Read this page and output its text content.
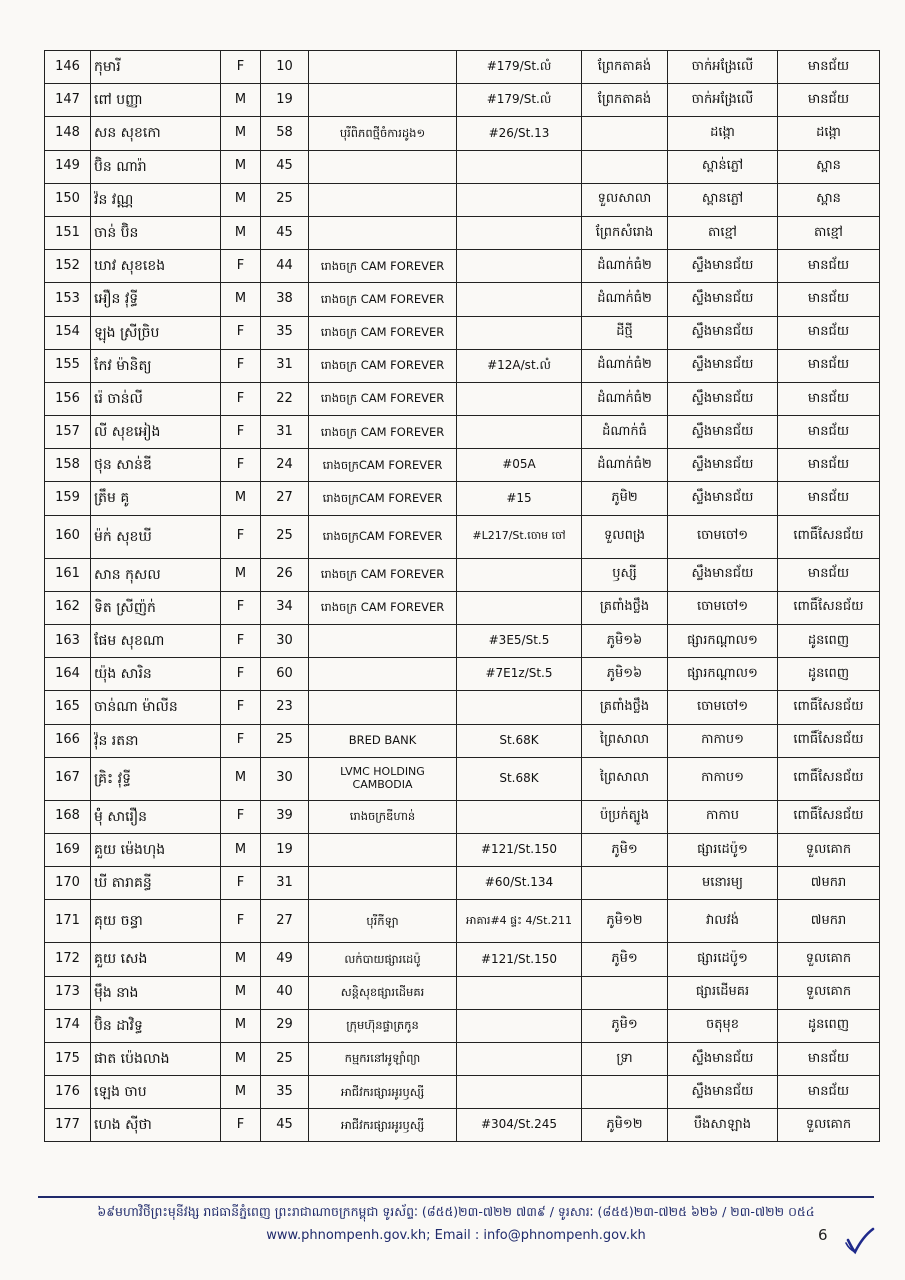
146	កុមារី	F	10		#179/St.លំ	ព្រែកតាគង់	ចាក់អង្រែលើ	មានជ័យ
147	ពៅ បញ្ញា	M	19		#179/St.លំ	ព្រែកតាគង់	ចាក់អង្រែលើ	មានជ័យ
148	សន សុខកោ	M	58	បុរីពិភពថ្មីចំការដូង១	#26/St.13		ដង្កោ	ដង្កោ
149	ប៊ិន ណារ៉ា	M	45				ស្ពាន់ភ្លៅ	ស្ពាន
150	វ៉ន វណ្ណ	M	25			ទួលសាលា	ស្ពានភ្លៅ	ស្ពាន
151	ចាន់ ប៊ិន	M	45			ព្រែកសំរោង	តាខ្មៅ	តាខ្មៅ
152	ឃាវ សុខខេង	F	44	រោងចក្រ CAM FOREVER		ដំណាក់ធំ២	ស្ទឹងមានជ័យ	មានជ័យ
153	អឿន វុទ្ធី	M	38	រោងចក្រ CAM FOREVER		ដំណាក់ធំ២	ស្ទឹងមានជ័យ	មានជ័យ
154	ឡុង ស្រីច្រិប	F	35	រោងចក្រ CAM FOREVER		ដីថ្មី	ស្ទឹងមានជ័យ	មានជ័យ
155	កែវ ម៉ានិត្យ	F	31	រោងចក្រ CAM FOREVER	#12A/st.លំ	ដំណាក់ធំ២	ស្ទឹងមានជ័យ	មានជ័យ
156	រ៉េ ចាន់លី	F	22	រោងចក្រ CAM FOREVER		ដំណាក់ធំ២	ស្ទឹងមានជ័យ	មានជ័យ
157	លី សុខអៀង	F	31	រោងចក្រ CAM FOREVER		ដំណាក់ធំ	ស្ទឹងមានជ័យ	មានជ័យ
158	ថុន សាន់ឌី	F	24	រោងចក្រCAM FOREVER	#05A	ដំណាក់ធំ២	ស្ទឹងមានជ័យ	មានជ័យ
159	ត្រឹម គូ	M	27	រោងចក្រCAM FOREVER	#15	ភូមិ២	ស្ទឹងមានជ័យ	មានជ័យ
160	ម៉ក់ សុខឃី	F	25	រោងចក្រCAM FOREVER	#L217/St.ចោម ចៅ	ទួលពង្រ	ចោមចៅ១	ពោធិ៍សែនជ័យ
161	សាន កុសល	M	26	រោងចក្រ CAM FOREVER		ឫស្សី	ស្ទឹងមានជ័យ	មានជ័យ
162	ទិត ស្រីញ៉ក់	F	34	រោងចក្រ CAM FOREVER		ត្រពាំងថ្លឹង	ចោមចៅ១	ពោធិ៍សែនជ័យ
163	ផែម សុខណា	F	30		#3E5/St.5	ភូមិ១៦	ផ្សារកណ្ដាល១	ដូនពេញ
164	យ៉ុង សារិន	F	60		#7E1z/St.5	ភូមិ១៦	ផ្សារកណ្ដាល១	ដូនពេញ
165	ចាន់ណា ម៉ាលីន	F	23			ត្រពាំងថ្លឹង	ចោមចៅ១	ពោធិ៍សែនជ័យ
166	វ៉ុន រតនា	F	25	BRED BANK	St.68K	ព្រៃសាលា	កាកាប១	ពោធិ៍សែនជ័យ
167	គ្រិះ វុទ្ធី	M	30	LVMC HOLDING CAMBODIA	St.68K	ព្រៃសាលា	កាកាប១	ពោធិ៍សែនជ័យ
168	ម៉ុំ សារឿន	F	39	រោងចក្រឌីហាន់		ប៉ប្រក់ត្បូង	កាកាប	ពោធិ៍សែនជ័យ
169	គួយ ម៉េងហុង	M	19		#121/St.150	ភូមិ១	ផ្សារដេប៉ូ១	ទួលគោក
170	ឃី តារាគន្ធី	F	31		#60/St.134		មនោរម្យ	៧មករា
171	គុយ ចន្ធា	F	27	បុរីកីឡា	អាគារ#4 ផ្ទះ 4/St.211	ភូមិ១២	វាលវង់	៧មករា
172	គួយ សេង	M	49	លក់បាយផ្សារដេប៉ូ	#121/St.150	ភូមិ១	ផ្សារដេប៉ូ១	ទួលគោក
173	ម៉ឹង នាង	M	40	សន្តិសុខផ្សារដើមគរ			ផ្សារដើមគរ	ទួលគោក
174	ប៊ិន ដាវិទ្ធ	M	29	ក្រុមហ៊ុនផ្ទាត្រកូន		ភូមិ១	ចតុមុខ	ដូនពេញ
175	ផាត ប៉េងលាង	M	25	កម្មករនៅអូឡាំព្យា		ទ្រា	ស្ទឹងមានជ័យ	មានជ័យ
176	ឡេង ចាប	M	35	អាជីវករផ្សារអូរឫស្សី			ស្ទឹងមានជ័យ	មានជ័យ
177	ហេង ស៊ីថា	F	45	អាជីវករផ្សារអូរឫស្សី	#304/St.245	ភូមិ១២	បឹងសាឡាង	ទួលគោក
៦៩មហាវិថីព្រះមុនីវង្ស រាជធានីភ្នំពេញ ព្រះរាជាណាចក្រកម្ពុជា ទូរស័ព្ទៈ (៨៥៥)២៣-៧២២ ៧៣៩ / ទូរសារៈ (៨៥៥)២៣-៧២៥ ៦២៦ / ២៣-៧២២ ០៥៤
www.phnompenh.gov.kh; Email : info@phnompenh.gov.kh	6
